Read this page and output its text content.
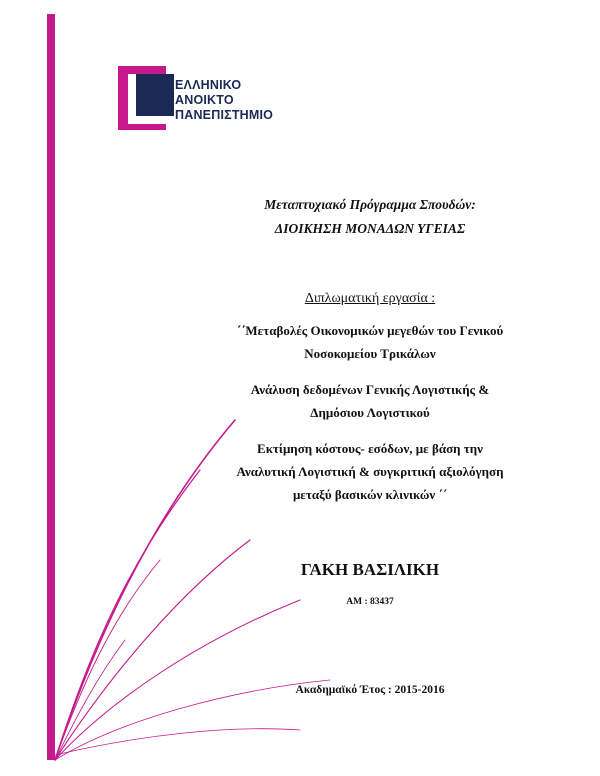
ΕΛΛΗΝΙΚΟ
ΑΝΟΙΚΤΟ
ΠΑΝΕΠΙΣΤΗΜΙΟ
Μεταπτυχιακό Πρόγραμμα Σπουδών:
ΔΙΟΙΚΗΣΗ ΜΟΝΑΔΩΝ ΥΓΕΙΑΣ
Διπλωματική εργασία :
΄΄Μεταβολές Οικονομικών μεγεθών του Γενικού
Νοσοκομείου Τρικάλων
Ανάλυση δεδομένων Γενικής Λογιστικής &
Δημόσιου Λογιστικού
Εκτίμηση κόστους- εσόδων, με βάση την
Αναλυτική Λογιστική & συγκριτική αξιολόγηση
μεταξύ βασικών κλινικών ΄΄
ΓΑΚΗ ΒΑΣΙΛΙΚΗ
ΑΜ : 83437
Ακαδημαϊκό Έτος : 2015-2016
